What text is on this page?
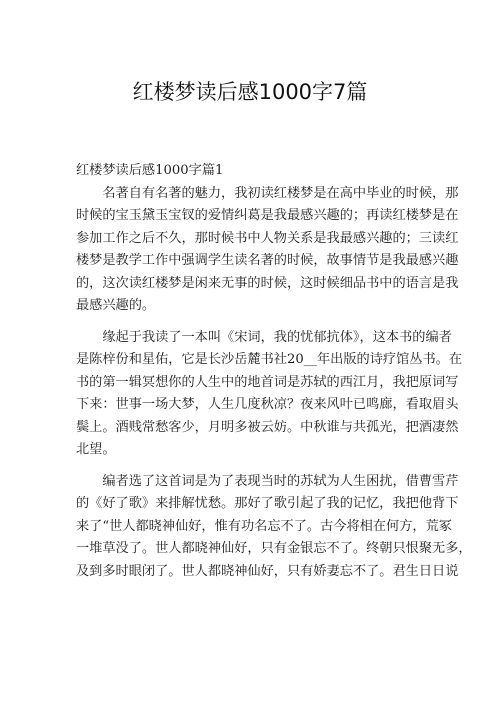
红楼梦读后感1000字7篇
红楼梦读后感1000字篇1
　　名著自有名著的魅力，我初读红楼梦是在高中毕业的时候，那
时候的宝玉黛玉宝钗的爱情纠葛是我最感兴趣的；再读红楼梦是在
参加工作之后不久，那时候书中人物关系是我最感兴趣的；三读红
楼梦是教学工作中强调学生读名著的时候，故事情节是我最感兴趣
的，这次读红楼梦是闲来无事的时候，这时候细品书中的语言是我
最感兴趣的。
　　缘起于我读了一本叫《宋词，我的忧郁抗体》，这本书的编者
是陈梓份和星佑，它是长沙岳麓书社20__年出版的诗疗馆丛书。在
书的第一辑冥想你的人生中的地首词是苏轼的西江月，我把原词写
下来：世事一场大梦，人生几度秋凉？夜来风叶已鸣廊，看取眉头
鬓上。酒贱常愁客少，月明多被云妨。中秋谁与共孤光，把酒凄然
北望。
　　编者选了这首词是为了表现当时的苏轼为人生困扰，借曹雪芹
的《好了歌》来排解忧愁。那好了歌引起了我的记忆，我把他背下
来了“世人都晓神仙好，惟有功名忘不了。古今将相在何方，荒冢
一堆草没了。世人都晓神仙好，只有金银忘不了。终朝只恨聚无多，
及到多时眼闭了。世人都晓神仙好，只有娇妻忘不了。君生日日说
